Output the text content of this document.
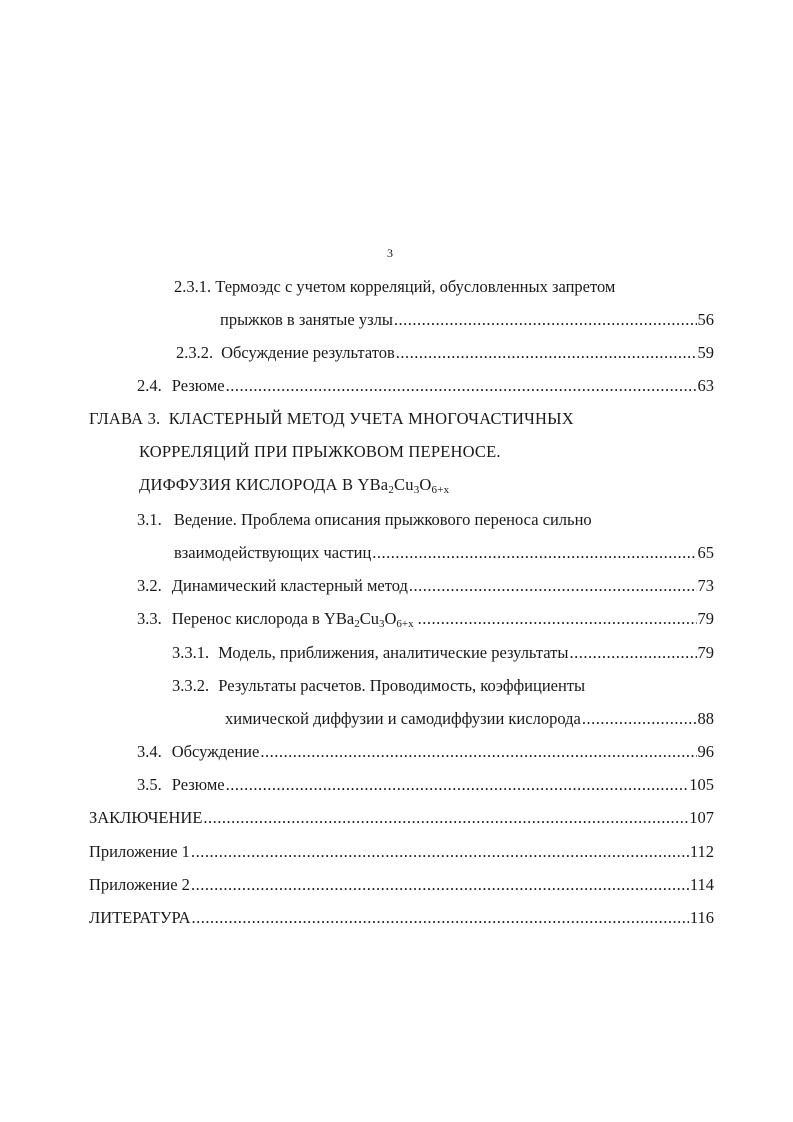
3
2.3.1. Термоэдс с учетом корреляций, обусловленных запретом
прыжков в занятые узлы .....	56
2.3.2. Обсуждение результатов .....	59
2.4. Резюме .....	63
ГЛАВА 3. КЛАСТЕРНЫЙ МЕТОД УЧЕТА МНОГОЧАСТИЧНЫХ
КОРРЕЛЯЦИЙ ПРИ ПРЫЖКОВОМ ПЕРЕНОСЕ.
ДИФФУЗИЯ КИСЛОРОДА В $YBa_2Cu_3O_{6+x}$
3.1. Ведение. Проблема описания прыжкового переноса сильно
взаимодействующих частиц .....	65
3.2. Динамический кластерный метод .....	73
3.3. Перенос кислорода в $YBa_2Cu_3O_{6+x}$ .....	79
3.3.1. Модель, приближения, аналитические результаты .....	79
3.3.2. Результаты расчетов. Проводимость, коэффициенты
химической диффузии и самодиффузии кислорода .....	88
3.4. Обсуждение .....	96
3.5. Резюме .....	105
ЗАКЛЮЧЕНИЕ .....	107
Приложение 1 .....	112
Приложение 2 .....	114
ЛИТЕРАТУРА .....	116
